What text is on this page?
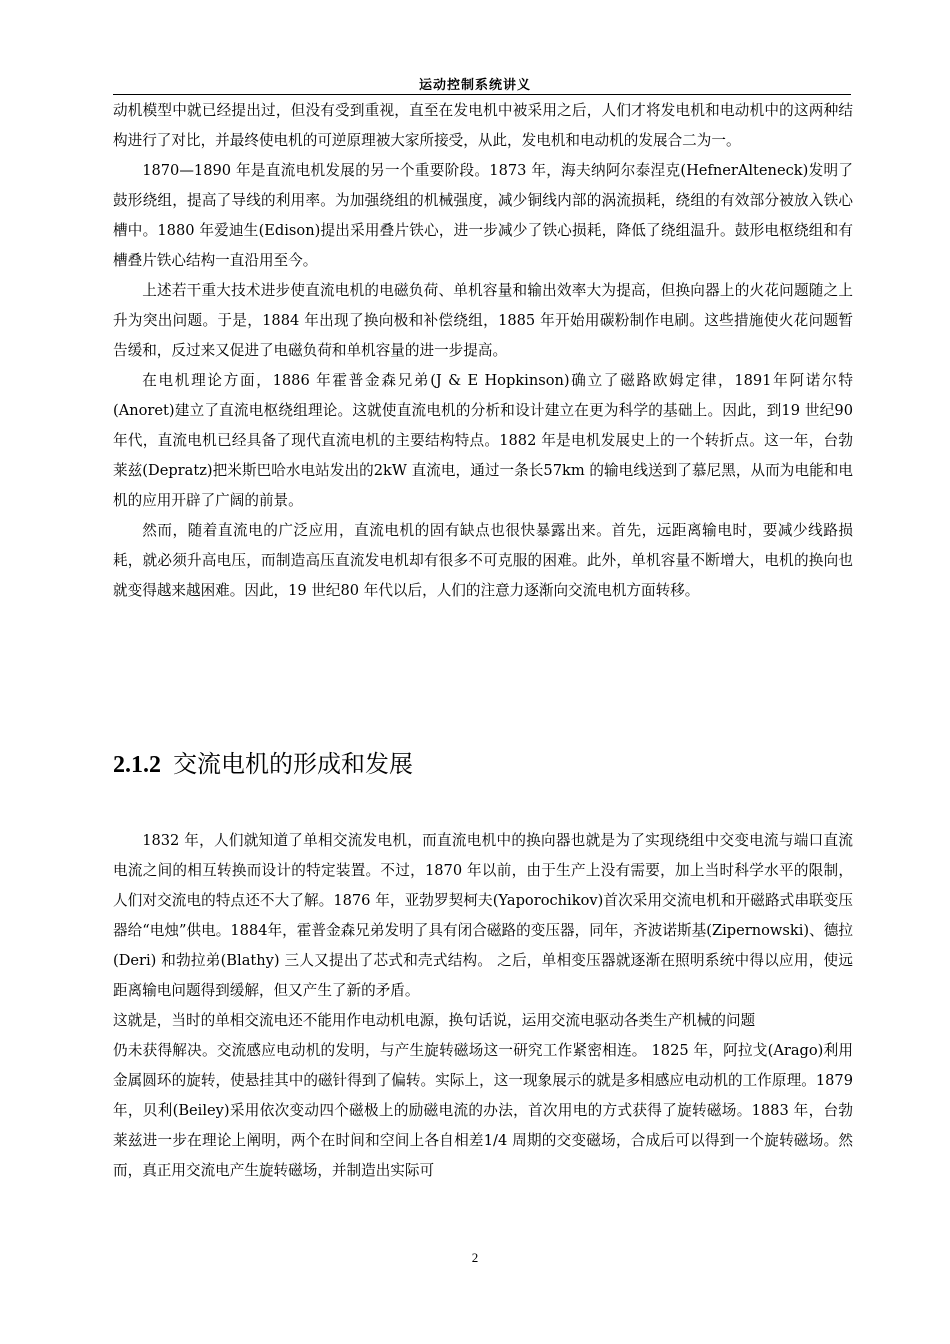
运动控制系统讲义

动机模型中就已经提出过，但没有受到重视，直至在发电机中被采用之后，人们才将发电机和电动机中的这两种结构进行了对比，并最终使电机的可逆原理被大家所接受，从此，发电机和电动机的发展合二为一。

1870—1890 年是直流电机发展的另一个重要阶段。1873 年，海夫纳阿尔泰涅克(HefnerAlteneck)发明了鼓形绕组，提高了导线的利用率。为加强绕组的机械强度，减少铜线内部的涡流损耗，绕组的有效部分被放入铁心槽中。1880 年爱迪生(Edison)提出采用叠片铁心，进一步减少了铁心损耗，降低了绕组温升。鼓形电枢绕组和有槽叠片铁心结构一直沿用至今。

上述若干重大技术进步使直流电机的电磁负荷、单机容量和输出效率大为提高，但换向器上的火花问题随之上升为突出问题。于是，1884 年出现了换向极和补偿绕组，1885 年开始用碳粉制作电刷。这些措施使火花问题暂告缓和，反过来又促进了电磁负荷和单机容量的进一步提高。

在电机理论方面，1886 年霍普金森兄弟(J & E Hopkinson)确立了磁路欧姆定律，1891年阿诺尔特(Anoret)建立了直流电枢绕组理论。这就使直流电机的分析和设计建立在更为科学的基础上。因此，到19 世纪90 年代，直流电机已经具备了现代直流电机的主要结构特点。1882 年是电机发展史上的一个转折点。这一年，台勃莱兹(Depratz)把米斯巴哈水电站发出的2kW 直流电，通过一条长57km 的输电线送到了慕尼黑，从而为电能和电机的应用开辟了广阔的前景。

然而，随着直流电的广泛应用，直流电机的固有缺点也很快暴露出来。首先，远距离输电时，要减少线路损耗，就必须升高电压，而制造高压直流发电机却有很多不可克服的困难。此外，单机容量不断增大，电机的换向也就变得越来越困难。因此，19 世纪80 年代以后，人们的注意力逐渐向交流电机方面转移。

2.1.2 交流电机的形成和发展

1832 年，人们就知道了单相交流发电机，而直流电机中的换向器也就是为了实现绕组中交变电流与端口直流电流之间的相互转换而设计的特定装置。不过，1870 年以前，由于生产上没有需要，加上当时科学水平的限制，人们对交流电的特点还不大了解。1876 年，亚勃罗契柯夫(Yaporochikov)首次采用交流电机和开磁路式串联变压器给“电烛”供电。1884年，霍普金森兄弟发明了具有闭合磁路的变压器，同年，齐波诺斯基(Zipernowski)、德拉(Deri) 和勃拉弟(Blathy) 三人又提出了芯式和壳式结构。 之后，单相变压器就逐渐在照明系统中得以应用，使远距离输电问题得到缓解，但又产生了新的矛盾。

这就是，当时的单相交流电还不能用作电动机电源，换句话说，运用交流电驱动各类生产机械的问题

仍未获得解决。交流感应电动机的发明，与产生旋转磁场这一研究工作紧密相连。 1825 年，阿拉戈(Arago)利用金属圆环的旋转，使悬挂其中的磁针得到了偏转。实际上，这一现象展示的就是多相感应电动机的工作原理。1879 年，贝利(Beiley)采用依次变动四个磁极上的励磁电流的办法，首次用电的方式获得了旋转磁场。1883 年，台勃莱兹进一步在理论上阐明，两个在时间和空间上各自相差1/4 周期的交变磁场，合成后可以得到一个旋转磁场。然而，真正用交流电产生旋转磁场，并制造出实际可

2
